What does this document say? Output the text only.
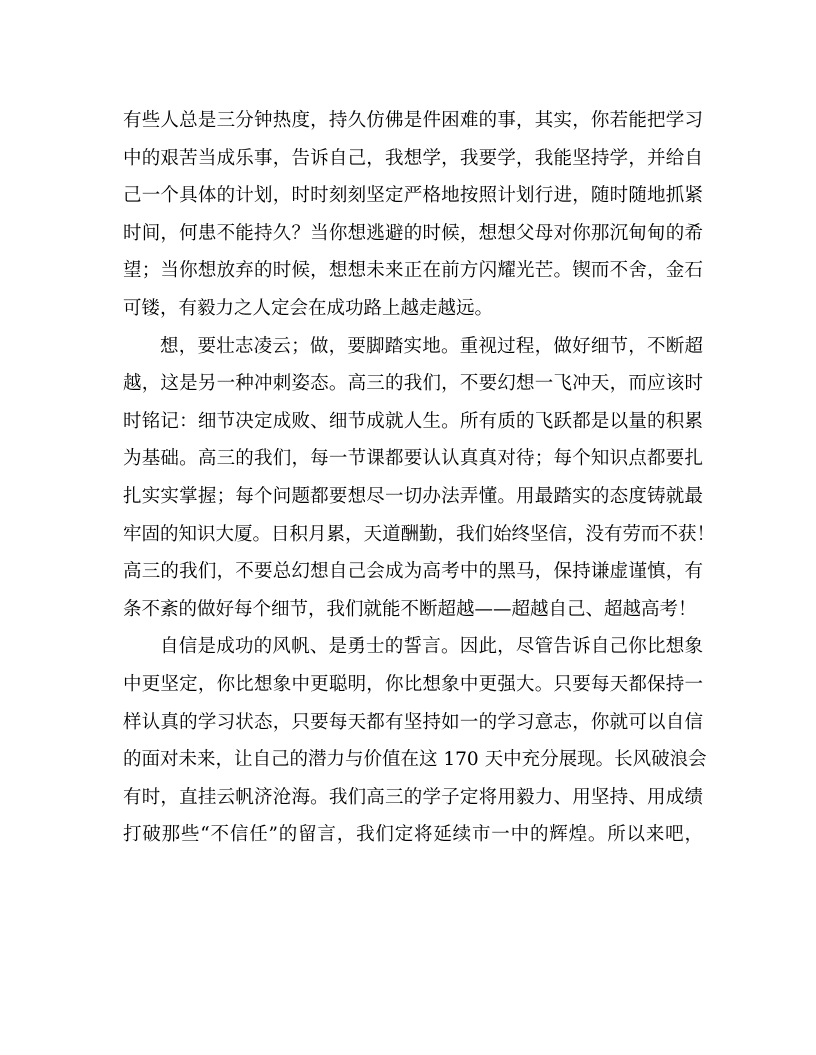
有些人总是三分钟热度，持久仿佛是件困难的事，其实，你若能把学习
中的艰苦当成乐事，告诉自己，我想学，我要学，我能坚持学，并给自
己一个具体的计划，时时刻刻坚定严格地按照计划行进，随时随地抓紧
时间，何患不能持久？当你想逃避的时候，想想父母对你那沉甸甸的希
望；当你想放弃的时候，想想未来正在前方闪耀光芒。锲而不舍，金石
可镂，有毅力之人定会在成功路上越走越远。
想，要壮志凌云；做，要脚踏实地。重视过程，做好细节，不断超
越，这是另一种冲刺姿态。高三的我们，不要幻想一飞冲天，而应该时
时铭记：细节决定成败、细节成就人生。所有质的飞跃都是以量的积累
为基础。高三的我们，每一节课都要认认真真对待；每个知识点都要扎
扎实实掌握；每个问题都要想尽一切办法弄懂。用最踏实的态度铸就最
牢固的知识大厦。日积月累，天道酬勤，我们始终坚信，没有劳而不获！
高三的我们，不要总幻想自己会成为高考中的黑马，保持谦虚谨慎，有
条不紊的做好每个细节，我们就能不断超越——超越自己、超越高考！
自信是成功的风帆、是勇士的誓言。因此，尽管告诉自己你比想象
中更坚定，你比想象中更聪明，你比想象中更强大。只要每天都保持一
样认真的学习状态，只要每天都有坚持如一的学习意志，你就可以自信
的面对未来，让自己的潜力与价值在这 170 天中充分展现。长风破浪会
有时，直挂云帆济沧海。我们高三的学子定将用毅力、用坚持、用成绩
打破那些“不信任”的留言，我们定将延续市一中的辉煌。所以来吧，
